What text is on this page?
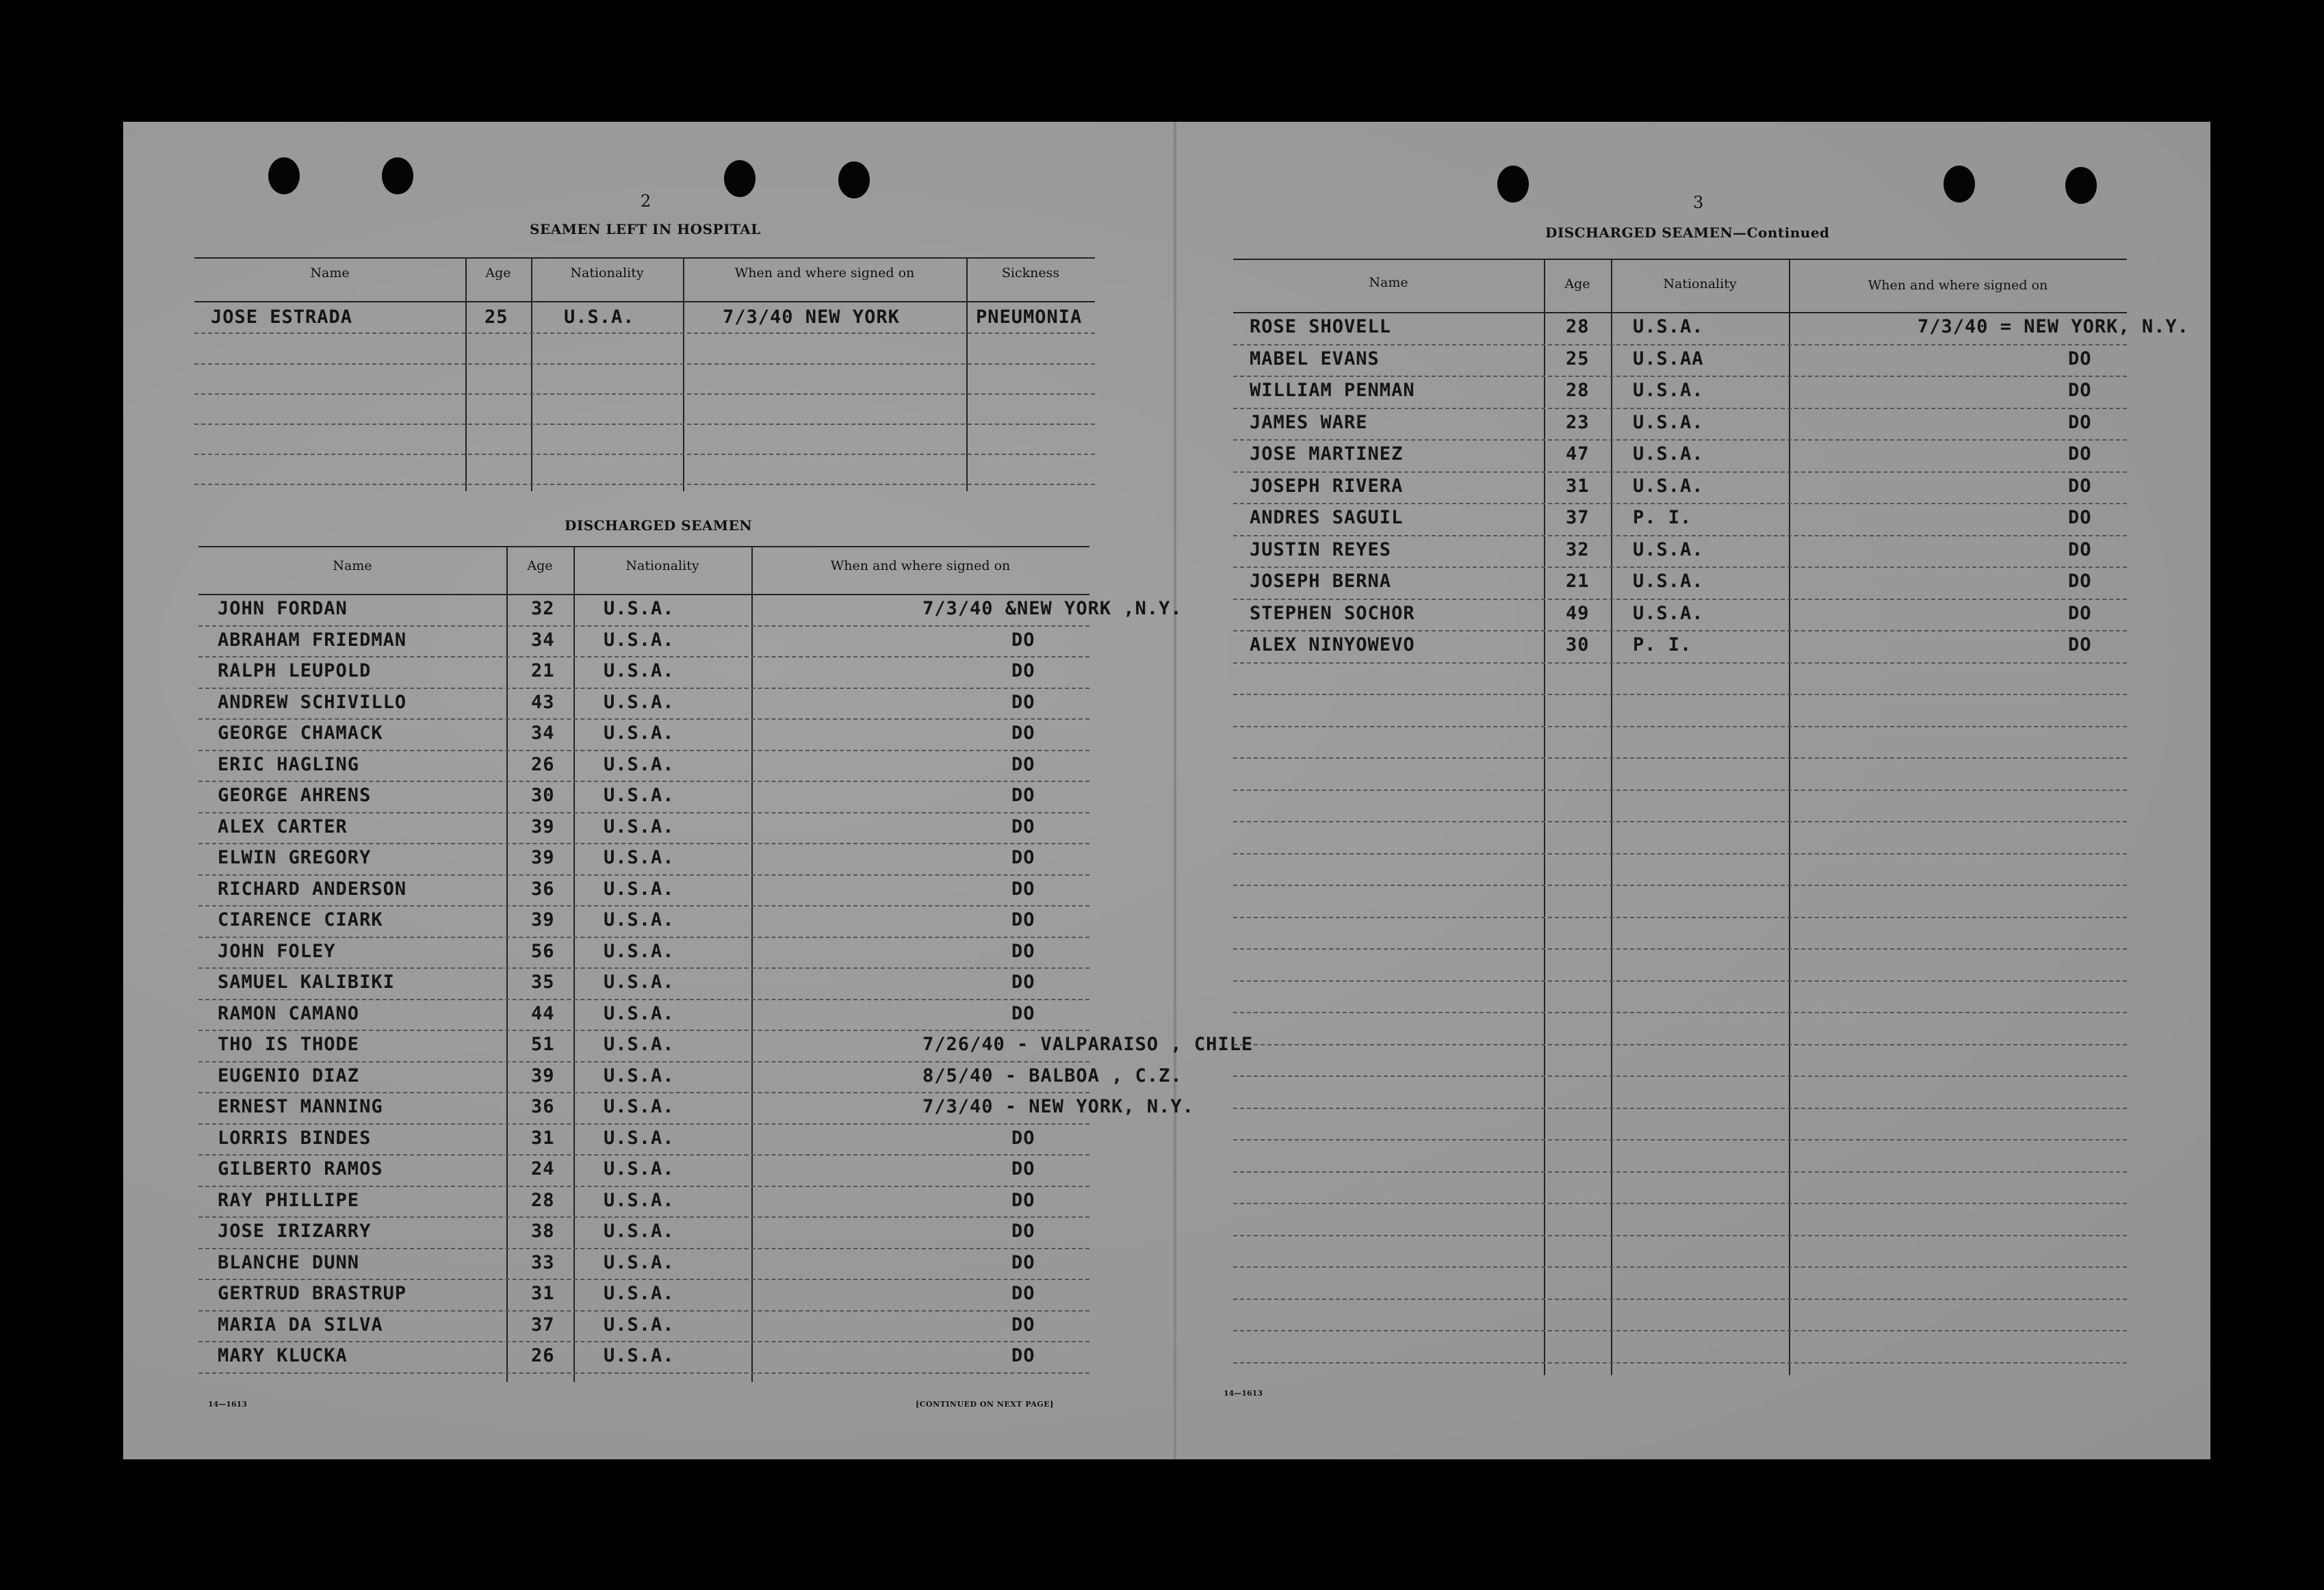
2
SEAMEN LEFT IN HOSPITAL
Name	Age	Nationality	When and where signed on	Sickness
JOSE ESTRADA	25	U.S.A.	7/3/40 NEW YORK	PNEUMONIA
DISCHARGED SEAMEN
Name	Age	Nationality	When and where signed on
JOHN FORDAN	32	U.S.A.	7/3/40 &NEW YORK ,N.Y.
ABRAHAM FRIEDMAN	34	U.S.A.	DO
RALPH LEUPOLD	21	U.S.A.	DO
ANDREW SCHIVILLO	43	U.S.A.	DO
GEORGE CHAMACK	34	U.S.A.	DO
ERIC HAGLING	26	U.S.A.	DO
GEORGE AHRENS	30	U.S.A.	DO
ALEX CARTER	39	U.S.A.	DO
ELWIN GREGORY	39	U.S.A.	DO
RICHARD ANDERSON	36	U.S.A.	DO
CIARENCE CIARK	39	U.S.A.	DO
JOHN FOLEY	56	U.S.A.	DO
SAMUEL KALIBIKI	35	U.S.A.	DO
RAMON CAMANO	44	U.S.A.	DO
THO IS THODE	51	U.S.A.	7/26/40 - VALPARAISO , CHILE
EUGENIO DIAZ	39	U.S.A.	8/5/40 - BALBOA , C.Z.
ERNEST MANNING	36	U.S.A.	7/3/40 - NEW YORK, N.Y.
LORRIS BINDES	31	U.S.A.	DO
GILBERTO RAMOS	24	U.S.A.	DO
RAY PHILLIPE	28	U.S.A.	DO
JOSE IRIZARRY	38	U.S.A.	DO
BLANCHE DUNN	33	U.S.A.	DO
GERTRUD BRASTRUP	31	U.S.A.	DO
MARIA DA SILVA	37	U.S.A.	DO
MARY KLUCKA	26	U.S.A.	DO
14—1613	[CONTINUED ON NEXT PAGE]
3
DISCHARGED SEAMEN—Continued
Name	Age	Nationality	When and where signed on
ROSE SHOVELL	28 U.S.A.	7/3/40 = NEW YORK, N.Y.
MABEL EVANS	25 U.S.AA	DO
WILLIAM PENMAN	28 U.S.A.	DO
JAMES WARE	23 U.S.A.	DO
JOSE MARTINEZ	47 U.S.A.	DO
JOSEPH RIVERA	31 U.S.A.	DO
ANDRES SAGUIL	37 P. I.	DO
JUSTIN REYES	32 U.S.A.	DO
JOSEPH BERNA	21 U.S.A.	DO
STEPHEN SOCHOR	49 U.S.A.	DO
ALEX NINYOWEVO	30 P. I.	DO
14—1613
